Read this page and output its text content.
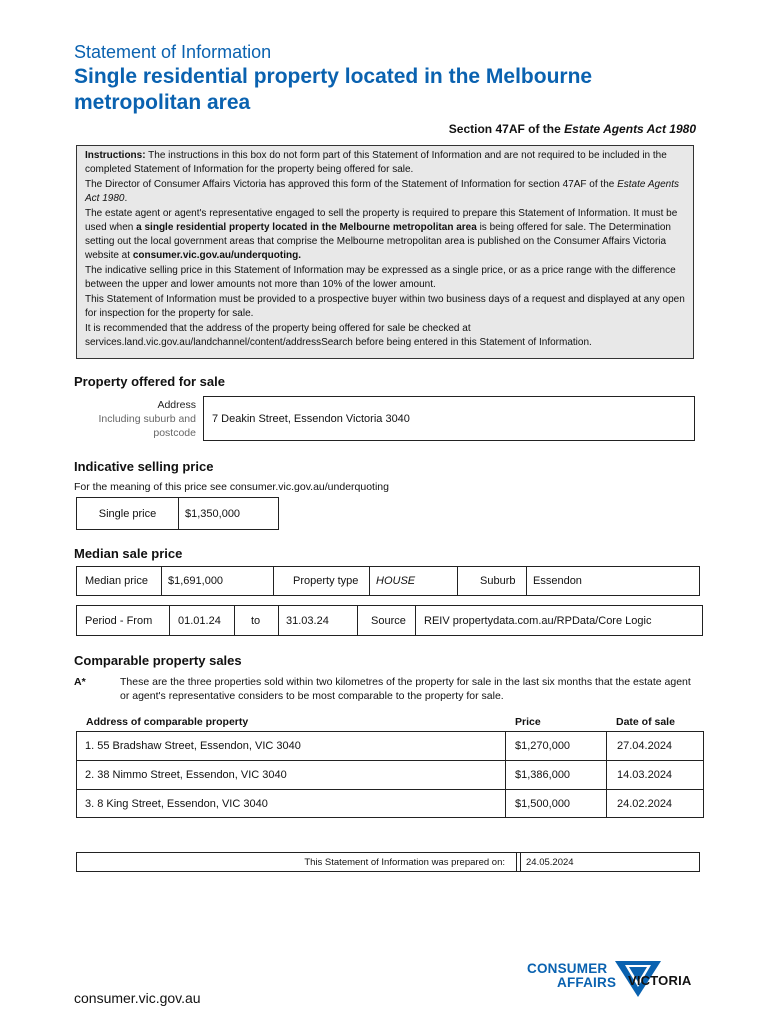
Statement of Information
Single residential property located in the Melbourne metropolitan area
Section 47AF of the Estate Agents Act 1980

Instructions: The instructions in this box do not form part of this Statement of Information and are not required to be included in the completed Statement of Information for the property being offered for sale.

The Director of Consumer Affairs Victoria has approved this form of the Statement of Information for section 47AF of the Estate Agents Act 1980.

The estate agent or agent's representative engaged to sell the property is required to prepare this Statement of Information. It must be used when a single residential property located in the Melbourne metropolitan area is being offered for sale. The Determination setting out the local government areas that comprise the Melbourne metropolitan area is published on the Consumer Affairs Victoria website at consumer.vic.gov.au/underquoting.

The indicative selling price in this Statement of Information may be expressed as a single price, or as a price range with the difference between the upper and lower amounts not more than 10% of the lower amount.

This Statement of Information must be provided to a prospective buyer within two business days of a request and displayed at any open for inspection for the property for sale.

It is recommended that the address of the property being offered for sale be checked at services.land.vic.gov.au/landchannel/content/addressSearch before being entered in this Statement of Information.

Property offered for sale
Address
Including suburb and
postcode
7 Deakin Street, Essendon Victoria 3040
Indicative selling price
For the meaning of this price see consumer.vic.gov.au/underquoting
Single price	$1,350,000
Median sale price
Median price $1,691,000	Property type HOUSE	Suburb Essendon
Period - From 01.01.24	to 31.03.24	Source REIV propertydata.com.au/RPData/Core Logic
Comparable property sales
A*	These are the three properties sold within two kilometres of the property for sale in the last six months that the estate agent or agent's representative considers to be most comparable to the property for sale.
Address of comparable property	Price	Date of sale
1. 55 Bradshaw Street, Essendon, VIC 3040	$1,270,000	27.04.2024
2. 38 Nimmo Street, Essendon, VIC 3040	$1,386,000	14.03.2024
3. 8 King Street, Essendon, VIC 3040	$1,500,000	24.02.2024
This Statement of Information was prepared on:	24.05.2024
consumer.vic.gov.au
CONSUMER
AFFAIRS VICTORIA
